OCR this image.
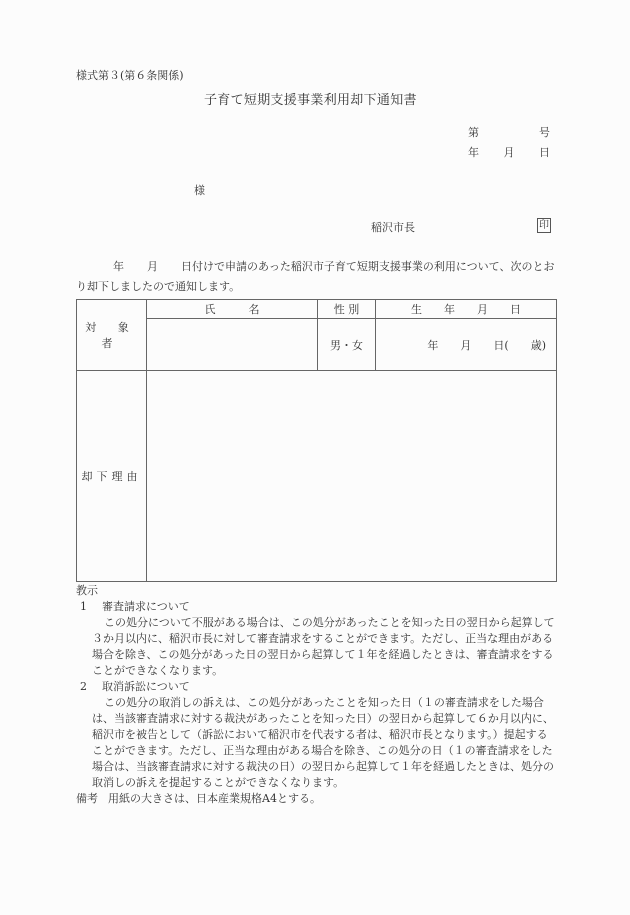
様式第３(第６条関係)
子育て短期支援事業利用却下通知書
第	号
年 月 日
様
稲沢市長	印
年 月 日付けで申請のあった稲沢市子育て短期支援事業の利用について、次のとおり却下しましたので通知します。
対 象 者	氏　　　名	性 別	生　　年　　月　　日
		男・女	年　　月　　日(　　歳)
却下理由			
教示
1 審査請求について
この処分について不服がある場合は、この処分があったことを知った日の翌日から起算して３か月以内に、稲沢市長に対して審査請求をすることができます。ただし、正当な理由がある場合を除き、この処分があった日の翌日から起算して１年を経過したときは、審査請求をすることができなくなります。
2 取消訴訟について
この処分の取消しの訴えは、この処分があったことを知った日（１の審査請求をした場合は、当該審査請求に対する裁決があったことを知った日）の翌日から起算して６か月以内に、稲沢市を被告として（訴訟において稲沢市を代表する者は、稲沢市長となります。）提起することができます。ただし、正当な理由がある場合を除き、この処分の日（１の審査請求をした場合は、当該審査請求に対する裁決の日）の翌日から起算して１年を経過したときは、処分の取消しの訴えを提起することができなくなります。
備考 用紙の大きさは、日本産業規格A4とする。
